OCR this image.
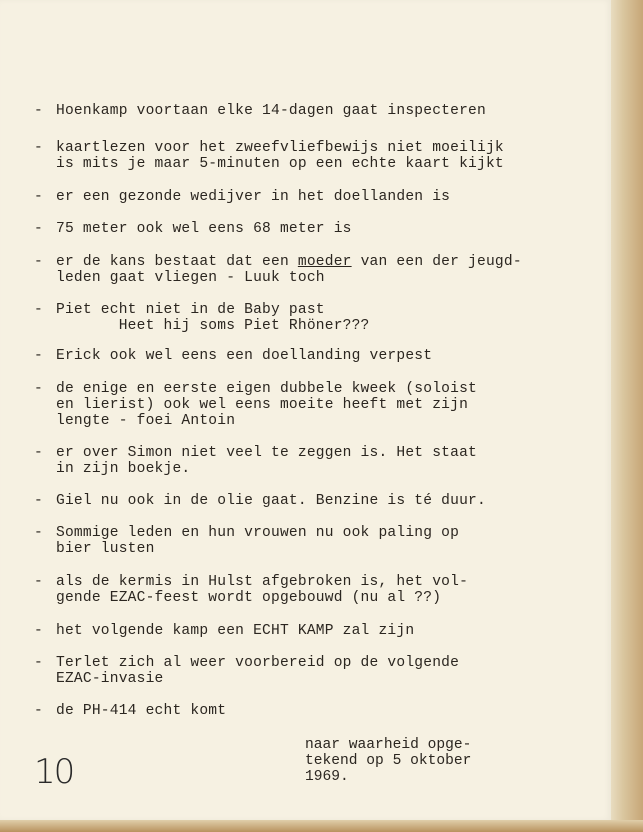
- Hoenkamp voortaan elke 14-dagen gaat inspecteren
- kaartlezen voor het zweefvliefbewijs niet moeilijk
is mits je maar 5-minuten op een echte kaart kijkt
- er een gezonde wedijver in het doellanden is
- 75 meter ook wel eens 68 meter is
- er de kans bestaat dat een moeder van een der jeugd-
leden gaat vliegen - Luuk toch
- Piet echt niet in de Baby past
Heet hij soms Piet Rhöner???
- Erick ook wel eens een doellanding verpest
- de enige en eerste eigen dubbele kweek (soloist
en lierist) ook wel eens moeite heeft met zijn
lengte - foei Antoin
- er over Simon niet veel te zeggen is. Het staat
in zijn boekje.
- Giel nu ook in de olie gaat. Benzine is té duur.
- Sommige leden en hun vrouwen nu ook paling op
bier lusten
- als de kermis in Hulst afgebroken is, het vol-
gende EZAC-feest wordt opgebouwd (nu al ??)
- het volgende kamp een ECHT KAMP zal zijn
- Terlet zich al weer voorbereid op de volgende
EZAC-invasie
- de PH-414 echt komt
naar waarheid opge-
tekend op 5 oktober
1969.
10
